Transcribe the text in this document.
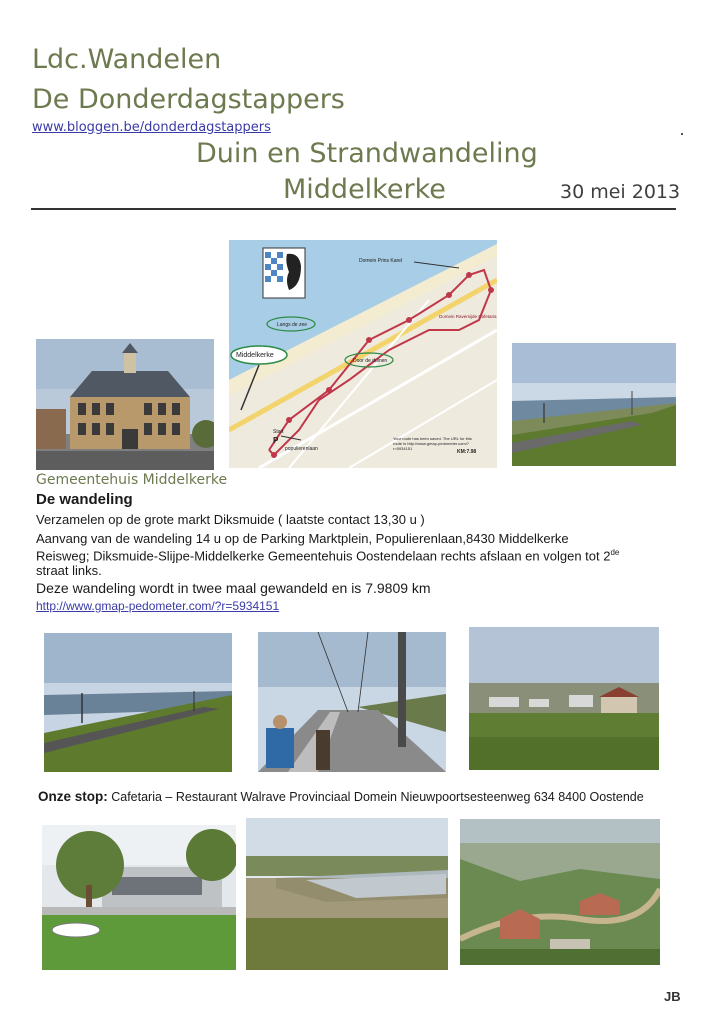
Ldc.Wandelen
De Donderdagstappers
www.bloggen.be/donderdagstappers
Duin en Strandwandeling
Middelkerke	30 mei 2013
Domein Prins Karel
Langs de zee
Middelkerke
Door de duinen
Domein Raversijde Cafetaria
Start
P
populierenlaan
Your route has been saved. The URL for this route is http://www.gmap-pedometer.com/?r=5934151
KM:7.98
Gemeentehuis Middelkerke
De wandeling
Verzamelen op de grote markt Diksmuide ( laatste contact 13,30 u )
Aanvang van de wandeling 14 u op de Parking Marktplein, Populierenlaan,8430 Middelkerke
Reisweg; Diksmuide-Slijpe-Middelkerke Gemeentehuis Oostendelaan rechts afslaan en volgen tot 2de
straat links.
Deze wandeling wordt in twee maal gewandeld en is 7.9809 km
http://www.gmap-pedometer.com/?r=5934151
Onze stop: Cafetaria – Restaurant Walrave Provinciaal Domein Nieuwpoortsesteenweg 634 8400 Oostende
JB
